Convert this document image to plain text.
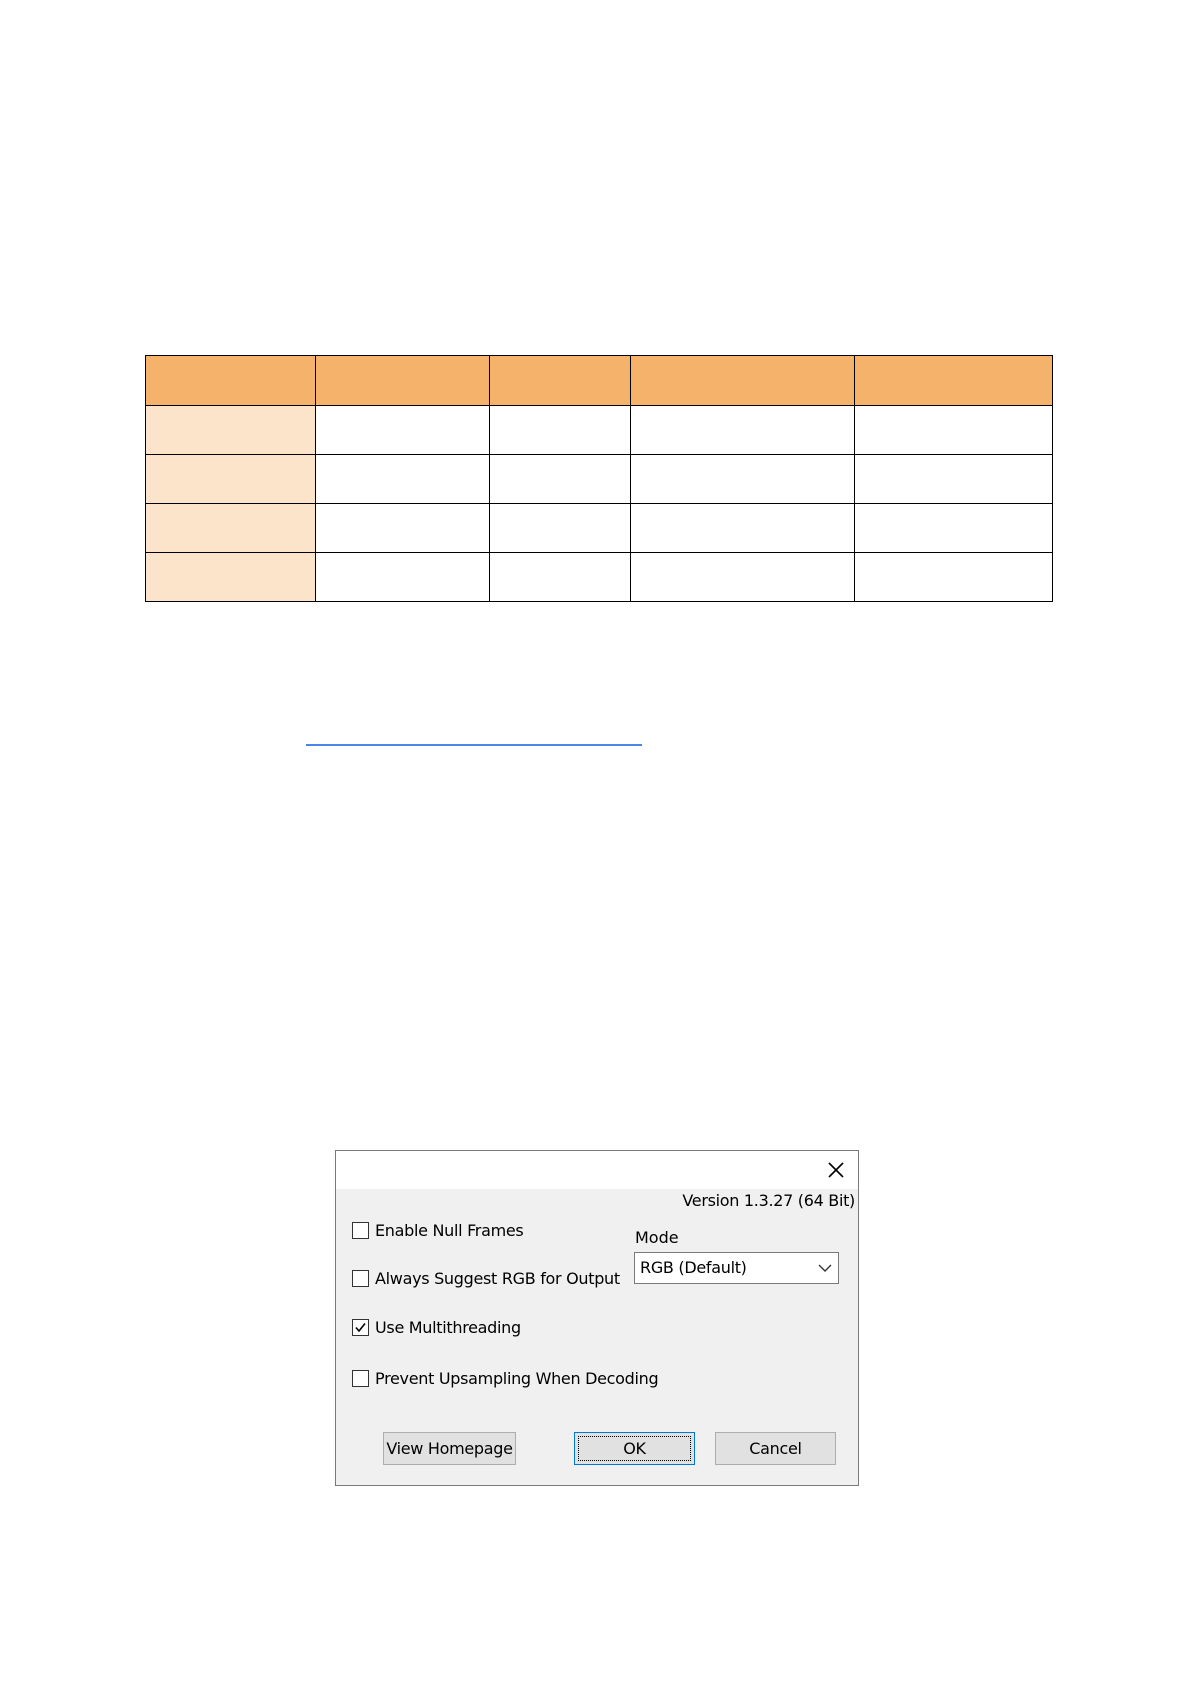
Version 1.3.27 (64 Bit)
Enable Null Frames
Always Suggest RGB for Output
Use Multithreading
Prevent Upsampling When Decoding
Mode
RGB (Default)
View Homepage	OK	Cancel
